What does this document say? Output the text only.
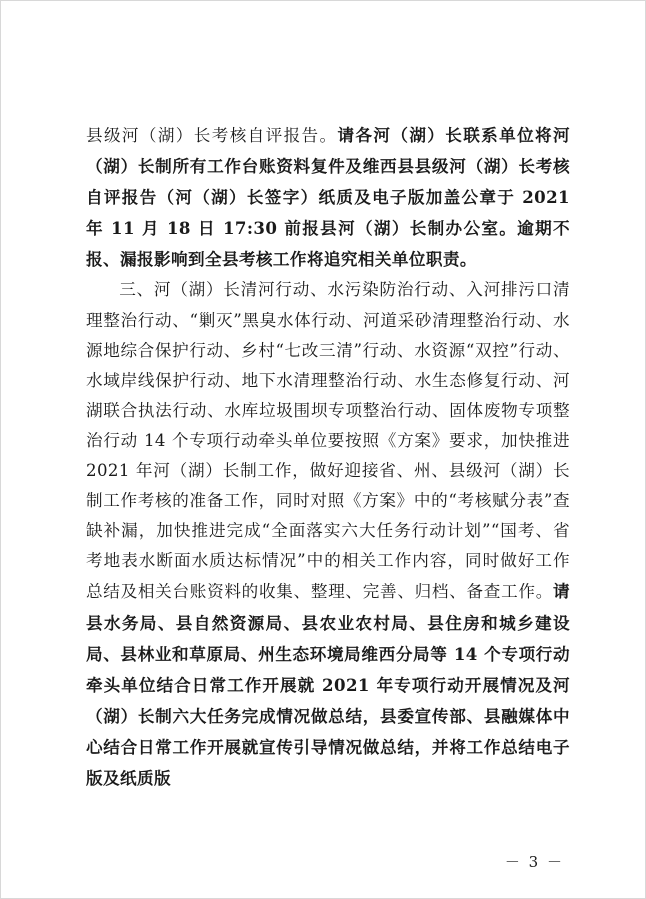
县级河（湖）长考核自评报告。请各河（湖）长联系单位将河（湖）长制所有工作台账资料复件及维西县县级河（湖）长考核自评报告（河（湖）长签字）纸质及电子版加盖公章于 2021 年 11 月 18 日 17:30 前报县河（湖）长制办公室。逾期不报、漏报影响到全县考核工作将追究相关单位职责。

三、河（湖）长清河行动、水污染防治行动、入河排污口清理整治行动、“剿灭”黑臭水体行动、河道采砂清理整治行动、水源地综合保护行动、乡村“七改三清”行动、水资源“双控”行动、水域岸线保护行动、地下水清理整治行动、水生态修复行动、河湖联合执法行动、水库垃圾围坝专项整治行动、固体废物专项整治行动 14 个专项行动牵头单位要按照《方案》要求，加快推进 2021 年河（湖）长制工作，做好迎接省、州、县级河（湖）长制工作考核的准备工作，同时对照《方案》中的“考核赋分表”查缺补漏，加快推进完成“全面落实六大任务行动计划”“国考、省考地表水断面水质达标情况”中的相关工作内容，同时做好工作总结及相关台账资料的收集、整理、完善、归档、备查工作。请县水务局、县自然资源局、县农业农村局、县住房和城乡建设局、县林业和草原局、州生态环境局维西分局等 14 个专项行动牵头单位结合日常工作开展就 2021 年专项行动开展情况及河（湖）长制六大任务完成情况做总结，县委宣传部、县融媒体中心结合日常工作开展就宣传引导情况做总结，并将工作总结电子版及纸质版

－ 3 －
